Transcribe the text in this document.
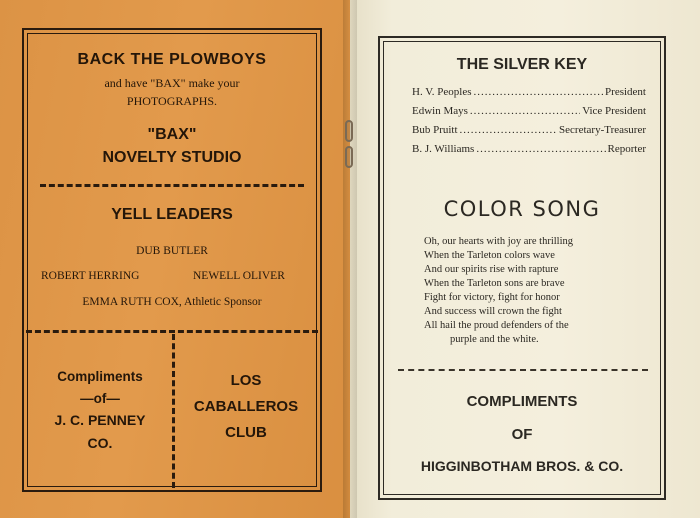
BACK THE PLOWBOYS
and have "BAX" make your
PHOTOGRAPHS.
"BAX"
NOVELTY STUDIO
YELL LEADERS
DUB BUTLER
ROBERT HERRING	NEWELL OLIVER
EMMA RUTH COX, Athletic Sponsor
Compliments
—of—
J. C. PENNEY
CO.
LOS
CABALLEROS
CLUB
THE SILVER KEY
H. V. Peoples .....	President
Edwin Mays .....	Vice President
Bub Pruitt .....	Secretary-Treasurer
B. J. Williams .....	Reporter
COLOR SONG
Oh, our hearts with joy are thrilling
When the Tarleton colors wave
And our spirits rise with rapture
When the Tarleton sons are brave
Fight for victory, fight for honor
And success will crown the fight
All hail the proud defenders of the
purple and the white.
COMPLIMENTS
OF
HIGGINBOTHAM BROS. & CO.
